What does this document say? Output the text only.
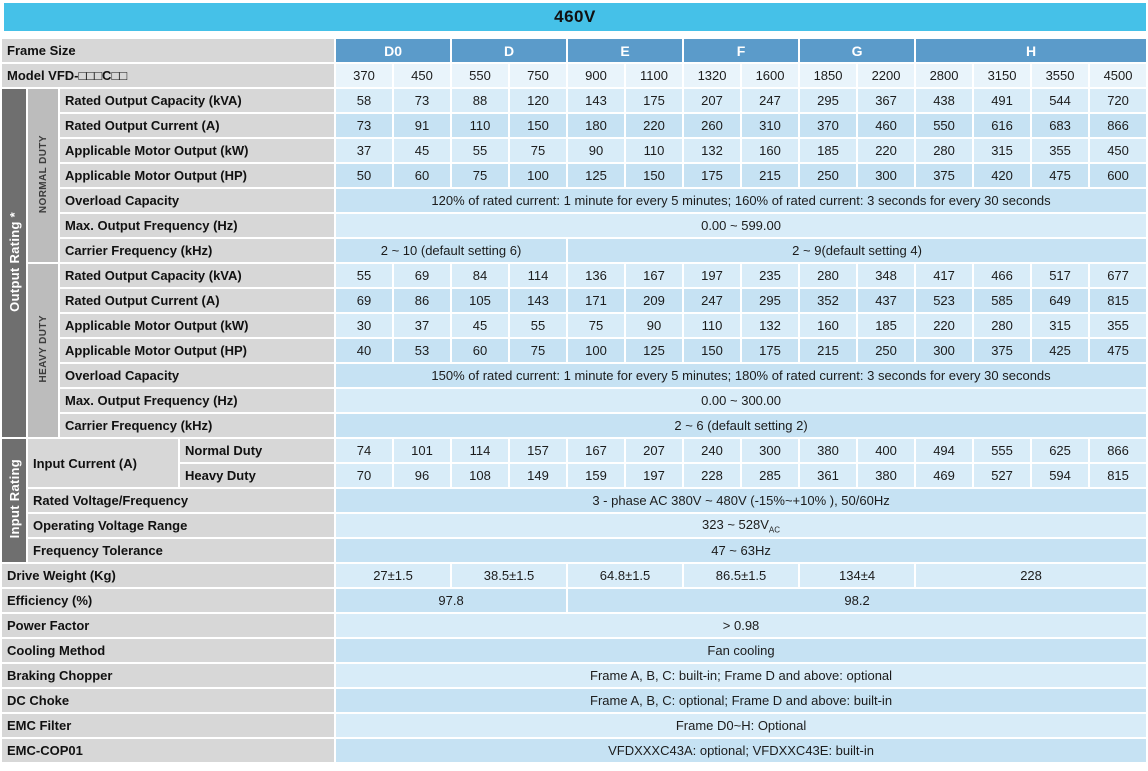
460V
Frame Size				D0		D		E		F		G		H			
Model VFD-□□□C□□				370	450	550	750	900	1100	1320	1600	1850	2200	2800	3150	3550	4500
Output Rating *	NORMAL DUTY	Rated Output Capacity (kVA)		58	73	88	120	143	175	207	247	295	367	438	491	544	720
		Rated Output Current (A)		73	91	110	150	180	220	260	310	370	460	550	616	683	866
		Applicable Motor Output (kW)		37	45	55	75	90	110	132	160	185	220	280	315	355	450
		Applicable Motor Output (HP)		50	60	75	100	125	150	175	215	250	300	375	420	475	600
		Overload Capacity		120% of rated current: 1 minute for every 5 minutes; 160% of rated current: 3 seconds for every 30 seconds													
		Max. Output Frequency (Hz)		0.00 ~ 599.00													
		Carrier Frequency (kHz)		2 ~ 10 (default setting 6)				2 ~ 9(default setting 4)									
	HEAVY DUTY	Rated Output Capacity (kVA)		55	69	84	114	136	167	197	235	280	348	417	466	517	677
		Rated Output Current (A)		69	86	105	143	171	209	247	295	352	437	523	585	649	815
		Applicable Motor Output (kW)		30	37	45	55	75	90	110	132	160	185	220	280	315	355
		Applicable Motor Output (HP)		40	53	60	75	100	125	150	175	215	250	300	375	425	475
		Overload Capacity		150% of rated current: 1 minute for every 5 minutes; 180% of rated current: 3 seconds for every 30 seconds													
		Max. Output Frequency (Hz)		0.00 ~ 300.00													
		Carrier Frequency (kHz)		2 ~ 6 (default setting 2)													
Input Rating	Input Current (A)		Normal Duty	74	101	114	157	167	207	240	300	380	400	494	555	625	866
			Heavy Duty	70	96	108	149	159	197	228	285	361	380	469	527	594	815
	Rated Voltage/Frequency			3 - phase AC 380V ~ 480V (-15%~+10% ), 50/60Hz													
	Operating Voltage Range			323 ~ $528V_{AC}$
	Frequency Tolerance			47 ~ 63Hz													
Drive Weight (Kg)				27±1.5		38.5±1.5		64.8±1.5		86.5±1.5		134±4		228			
Efficiency (%)				97.8				98.2									
Power Factor				> 0.98													
Cooling Method				Fan cooling													
Braking Chopper				Frame A, B, C: built-in; Frame D and above: optional													
DC Choke				Frame A, B, C: optional; Frame D and above: built-in													
EMC Filter				Frame D0~H: Optional													
EMC-COP01				VFDXXXC43A: optional; VFDXXC43E: built-in													
